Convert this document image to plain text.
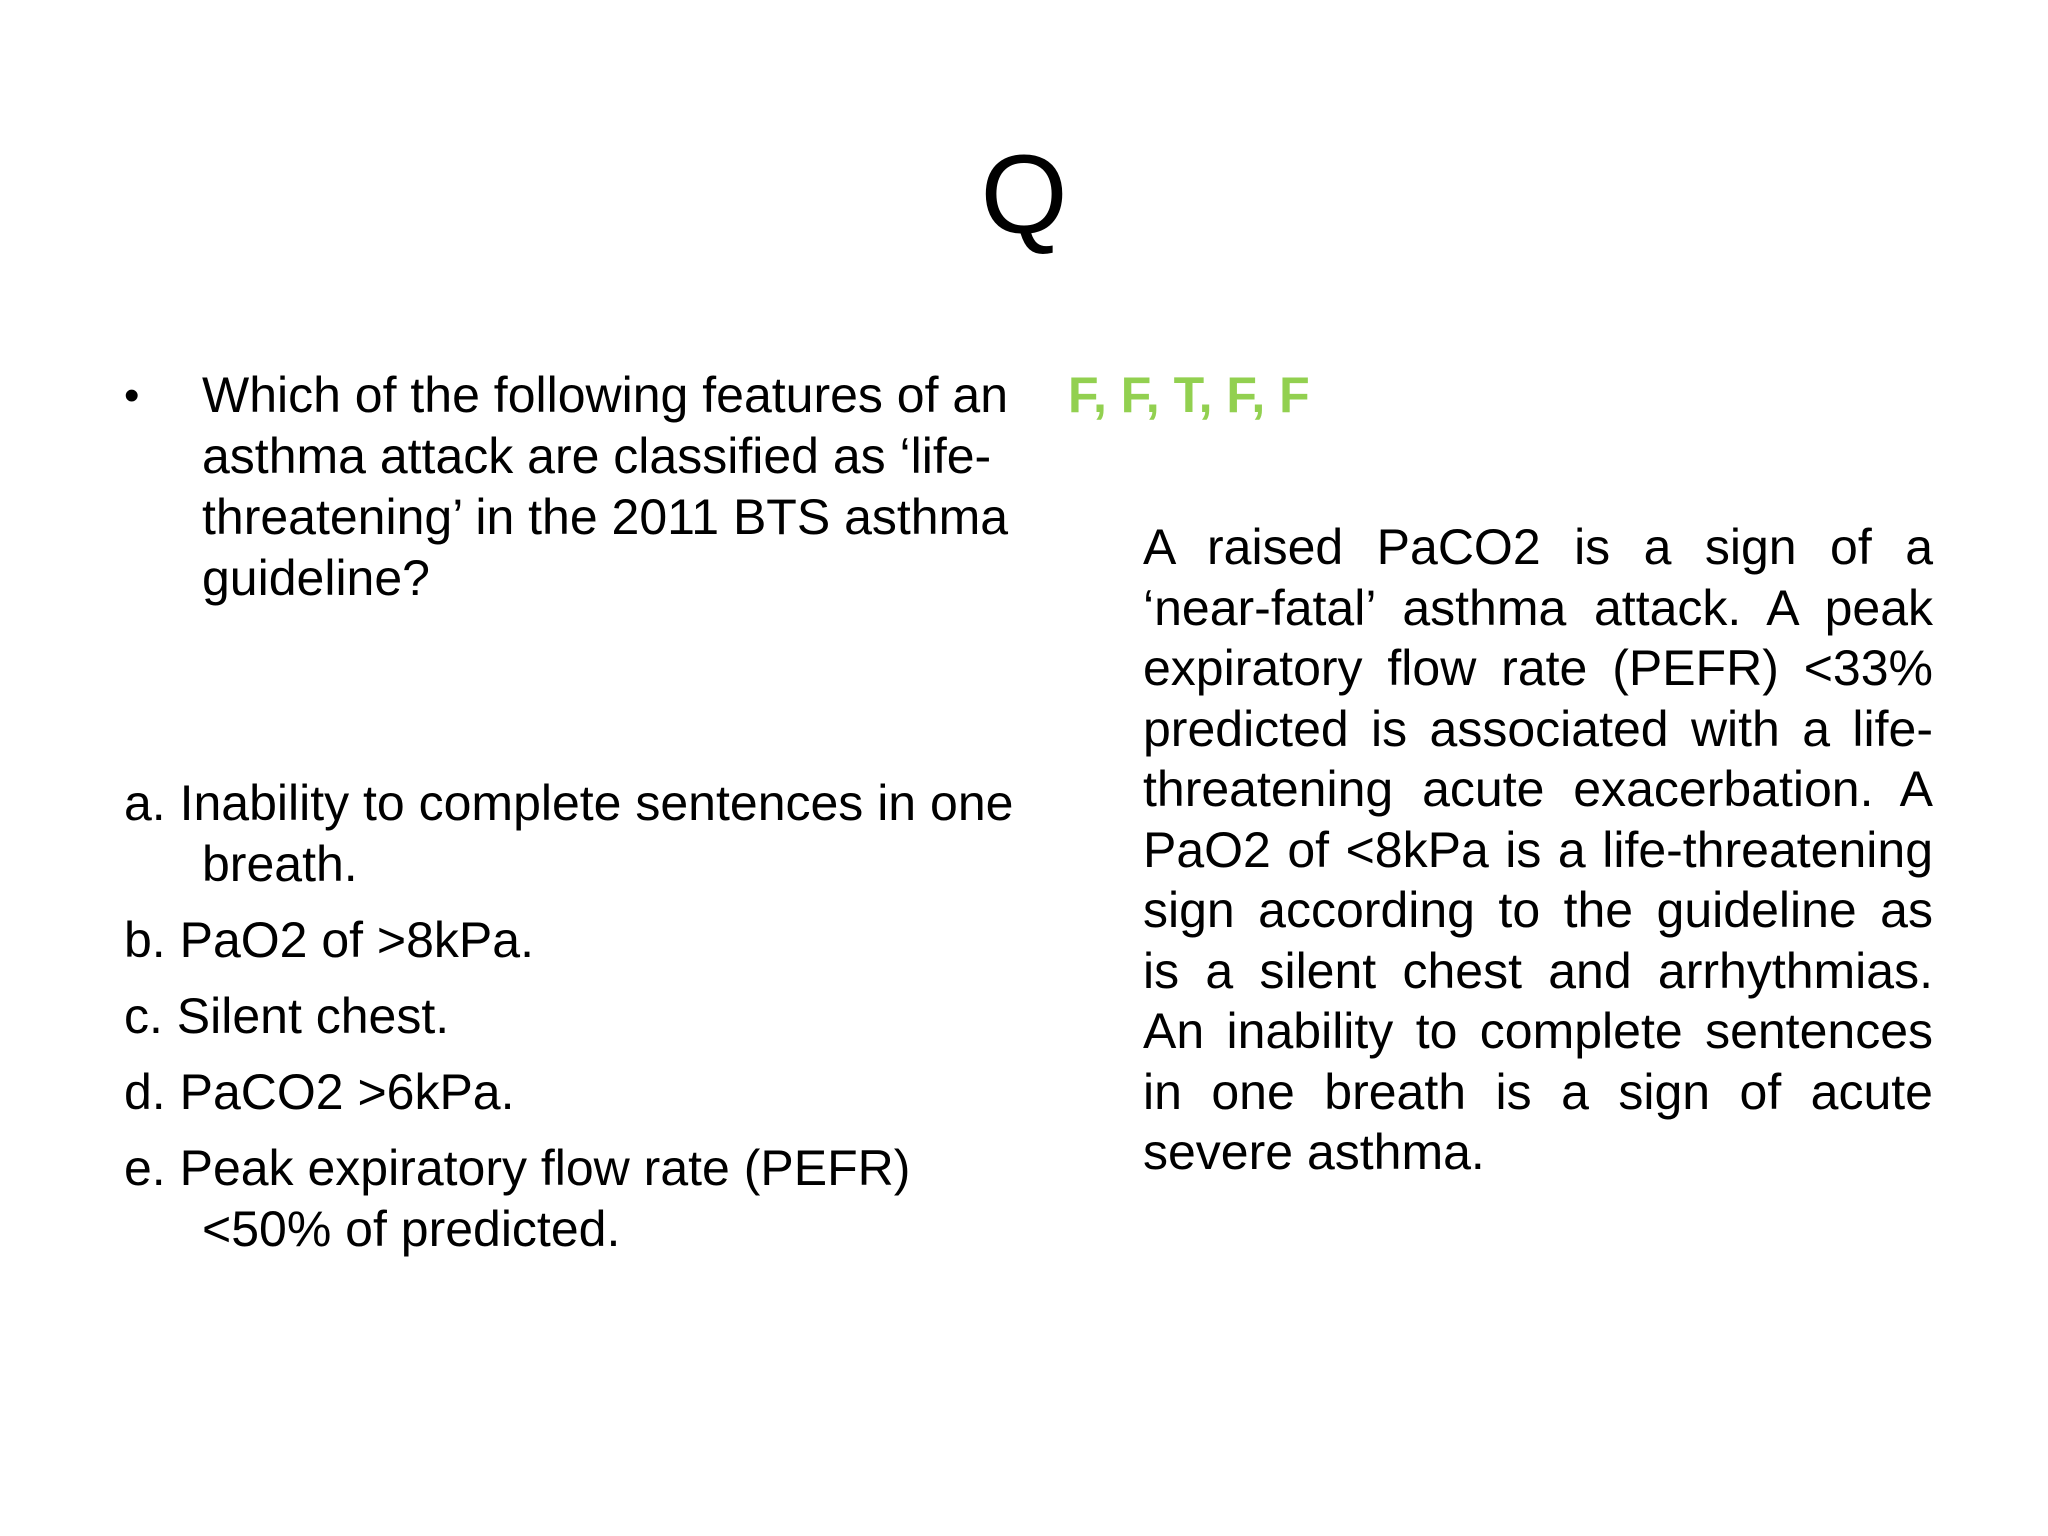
Q

• Which of the following features of an asthma attack are classified as ‘life-threatening’ in the 2011 BTS asthma guideline?

a. Inability to complete sentences in one breath.
b. PaO2 of >8kPa.
c. Silent chest.
d. PaCO2 >6kPa.
e. Peak expiratory flow rate (PEFR) <50% of predicted.

F, F, T, F, F

A raised PaCO2 is a sign of a ‘near-fatal’ asthma attack. A peak expiratory flow rate (PEFR) <33% predicted is associated with a life-threatening acute exacerbation. A PaO2 of <8kPa is a life-threatening sign according to the guideline as is a silent chest and arrhythmias. An inability to complete sentences in one breath is a sign of acute severe asthma.
